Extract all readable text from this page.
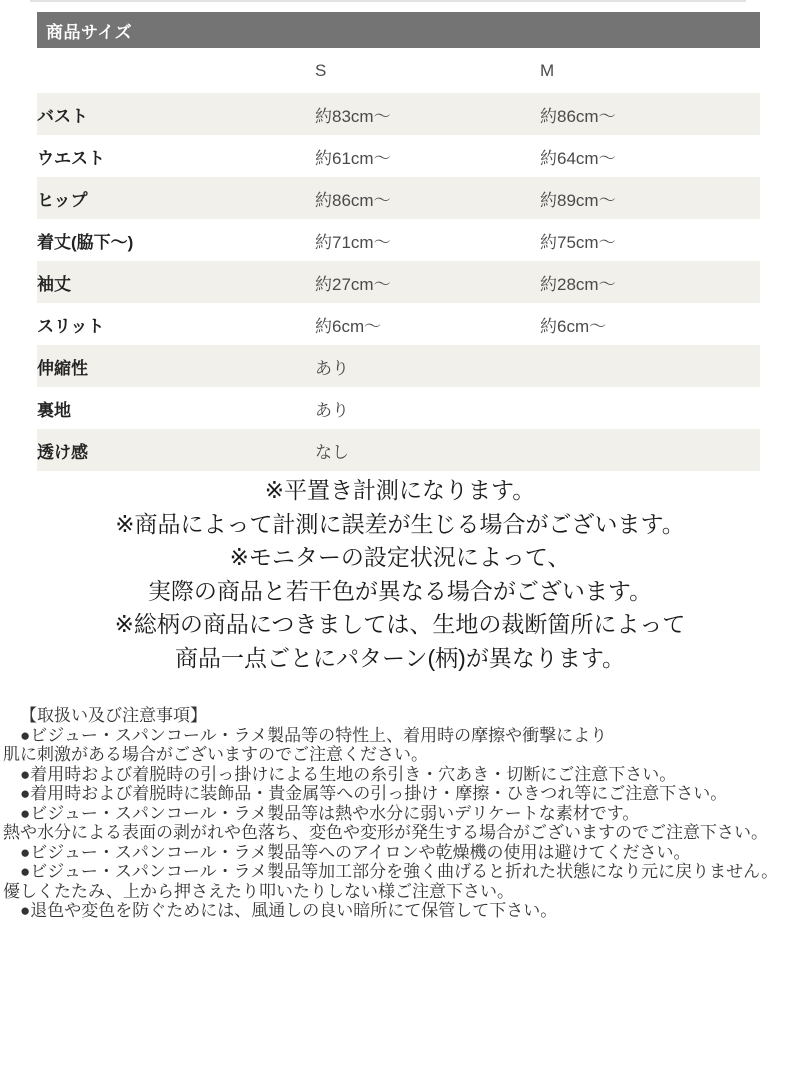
商品サイズ
	S	M
バスト	約83cm〜	約86cm〜
ウエスト	約61cm〜	約64cm〜
ヒップ	約86cm〜	約89cm〜
着丈(脇下〜)	約71cm〜	約75cm〜
袖丈	約27cm〜	約28cm〜
スリット	約6cm〜	約6cm〜
伸縮性	あり	
裏地	あり	
透け感	なし	
※平置き計測になります。
※商品によって計測に誤差が生じる場合がございます。
※モニターの設定状況によって、
実際の商品と若干色が異なる場合がございます。
※総柄の商品につきましては、生地の裁断箇所によって
商品一点ごとにパターン(柄)が異なります。
【取扱い及び注意事項】
●ビジュー・スパンコール・ラメ製品等の特性上、着用時の摩擦や衝撃により
肌に刺激がある場合がございますのでご注意ください。
●着用時および着脱時の引っ掛けによる生地の糸引き・穴あき・切断にご注意下さい。
●着用時および着脱時に装飾品・貴金属等への引っ掛け・摩擦・ひきつれ等にご注意下さい。
●ビジュー・スパンコール・ラメ製品等は熱や水分に弱いデリケートな素材です。
熱や水分による表面の剥がれや色落ち、変色や変形が発生する場合がございますのでご注意下さい。
●ビジュー・スパンコール・ラメ製品等へのアイロンや乾燥機の使用は避けてください。
●ビジュー・スパンコール・ラメ製品等加工部分を強く曲げると折れた状態になり元に戻りません。
優しくたたみ、上から押さえたり叩いたりしない様ご注意下さい。
●退色や変色を防ぐためには、風通しの良い暗所にて保管して下さい。
